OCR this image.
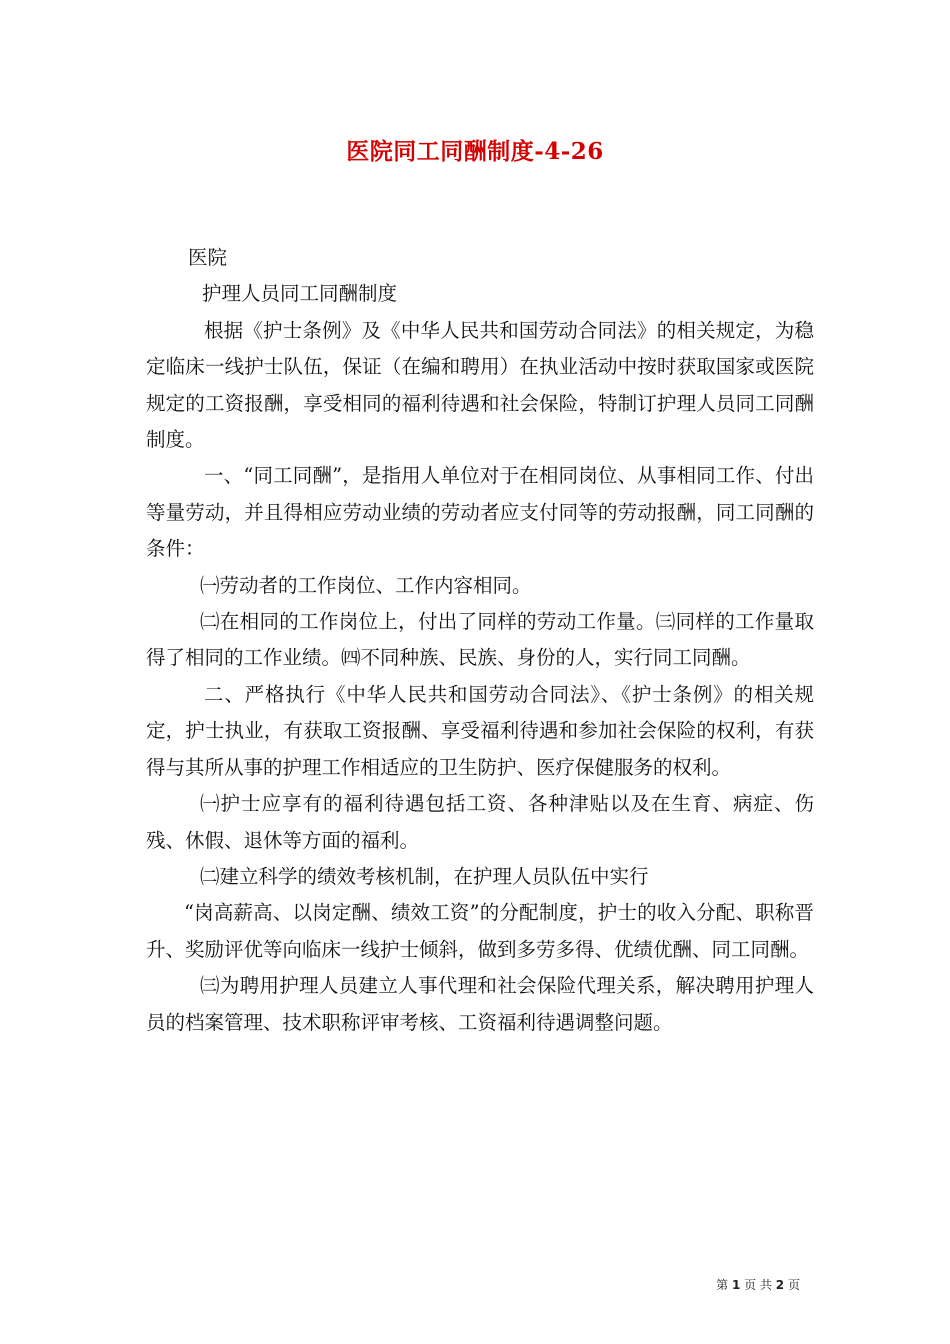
医院同工同酬制度-4-26

医院

护理人员同工同酬制度

根据《护士条例》及《中华人民共和国劳动合同法》的相关规定，为稳定临床一线护士队伍，保证（在编和聘用）在执业活动中按时获取国家或医院规定的工资报酬，享受相同的福利待遇和社会保险，特制订护理人员同工同酬制度。

一、“同工同酬”，是指用人单位对于在相同岗位、从事相同工作、付出等量劳动，并且得相应劳动业绩的劳动者应支付同等的劳动报酬，同工同酬的条件：

㈠劳动者的工作岗位、工作内容相同。

㈡在相同的工作岗位上，付出了同样的劳动工作量。㈢同样的工作量取得了相同的工作业绩。㈣不同种族、民族、身份的人，实行同工同酬。

二、严格执行《中华人民共和国劳动合同法》、《护士条例》的相关规定，护士执业，有获取工资报酬、享受福利待遇和参加社会保险的权利，有获得与其所从事的护理工作相适应的卫生防护、医疗保健服务的权利。

㈠护士应享有的福利待遇包括工资、各种津贴以及在生育、病症、伤残、休假、退休等方面的福利。

㈡建立科学的绩效考核机制，在护理人员队伍中实行

“岗高薪高、以岗定酬、绩效工资”的分配制度，护士的收入分配、职称晋升、奖励评优等向临床一线护士倾斜，做到多劳多得、优绩优酬、同工同酬。

㈢为聘用护理人员建立人事代理和社会保险代理关系，解决聘用护理人员的档案管理、技术职称评审考核、工资福利待遇调整问题。

第 1 页 共 2 页
